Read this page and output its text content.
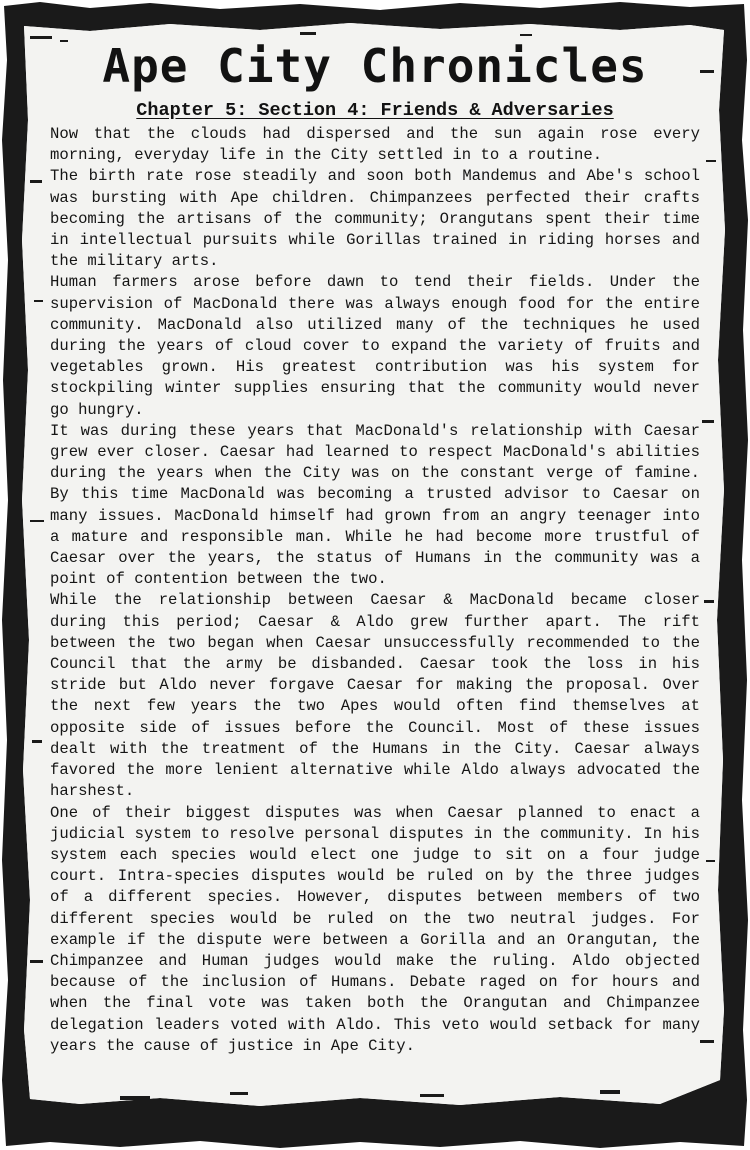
Ape City Chronicles
Chapter 5: Section 4: Friends & Adversaries

Now that the clouds had dispersed and the sun again rose every morning, everyday life in the City settled in to a routine.

The birth rate rose steadily and soon both Mandemus and Abe's school was bursting with Ape children. Chimpanzees perfected their crafts becoming the artisans of the community; Orangutans spent their time in intellectual pursuits while Gorillas trained in riding horses and the military arts.

Human farmers arose before dawn to tend their fields. Under the supervision of MacDonald there was always enough food for the entire community. MacDonald also utilized many of the techniques he used during the years of cloud cover to expand the variety of fruits and vegetables grown. His greatest contribution was his system for stockpiling winter supplies ensuring that the community would never go hungry.

It was during these years that MacDonald's relationship with Caesar grew ever closer. Caesar had learned to respect MacDonald's abilities during the years when the City was on the constant verge of famine. By this time MacDonald was becoming a trusted advisor to Caesar on many issues. MacDonald himself had grown from an angry teenager into a mature and responsible man. While he had become more trustful of Caesar over the years, the status of Humans in the community was a point of contention between the two.

While the relationship between Caesar & MacDonald became closer during this period; Caesar & Aldo grew further apart. The rift between the two began when Caesar unsuccessfully recommended to the Council that the army be disbanded. Caesar took the loss in his stride but Aldo never forgave Caesar for making the proposal. Over the next few years the two Apes would often find themselves at opposite side of issues before the Council. Most of these issues dealt with the treatment of the Humans in the City. Caesar always favored the more lenient alternative while Aldo always advocated the harshest.

One of their biggest disputes was when Caesar planned to enact a judicial system to resolve personal disputes in the community. In his system each species would elect one judge to sit on a four judge court. Intra-species disputes would be ruled on by the three judges of a different species. However, disputes between members of two different species would be ruled on the two neutral judges. For example if the dispute were between a Gorilla and an Orangutan, the Chimpanzee and Human judges would make the ruling. Aldo objected because of the inclusion of Humans. Debate raged on for hours and when the final vote was taken both the Orangutan and Chimpanzee delegation leaders voted with Aldo. This veto would setback for many years the cause of justice in Ape City.
